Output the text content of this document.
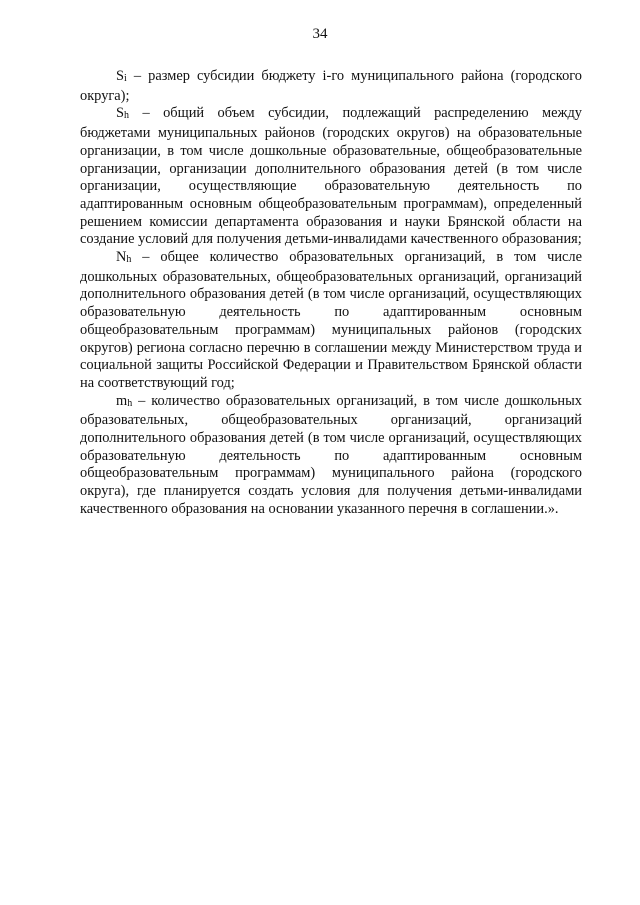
34

Si – размер субсидии бюджету i-го муниципального района (городского округа);

Sh – общий объем субсидии, подлежащий распределению между бюджетами муниципальных районов (городских округов) на образовательные организации, в том числе дошкольные образовательные, общеобразовательные организации, организации дополнительного образования детей (в том числе организации, осуществляющие образовательную деятельность по адаптированным основным общеобразовательным программам), определенный решением комиссии департамента образования и науки Брянской области на создание условий для получения детьми-инвалидами качественного образования;

Nh – общее количество образовательных организаций, в том числе дошкольных образовательных, общеобразовательных организаций, организаций дополнительного образования детей (в том числе организаций, осуществляющих образовательную деятельность по адаптированным основным общеобразовательным программам) муниципальных районов (городских округов) региона согласно перечню в соглашении между Министерством труда и социальной защиты Российской Федерации и Правительством Брянской области на соответствующий год;

mh – количество образовательных организаций, в том числе дошкольных образовательных, общеобразовательных организаций, организаций дополнительного образования детей (в том числе организаций, осуществляющих образовательную деятельность по адаптированным основным общеобразовательным программам) муниципального района (городского округа), где планируется создать условия для получения детьми-инвалидами качественного образования на основании указанного перечня в соглашении.».
